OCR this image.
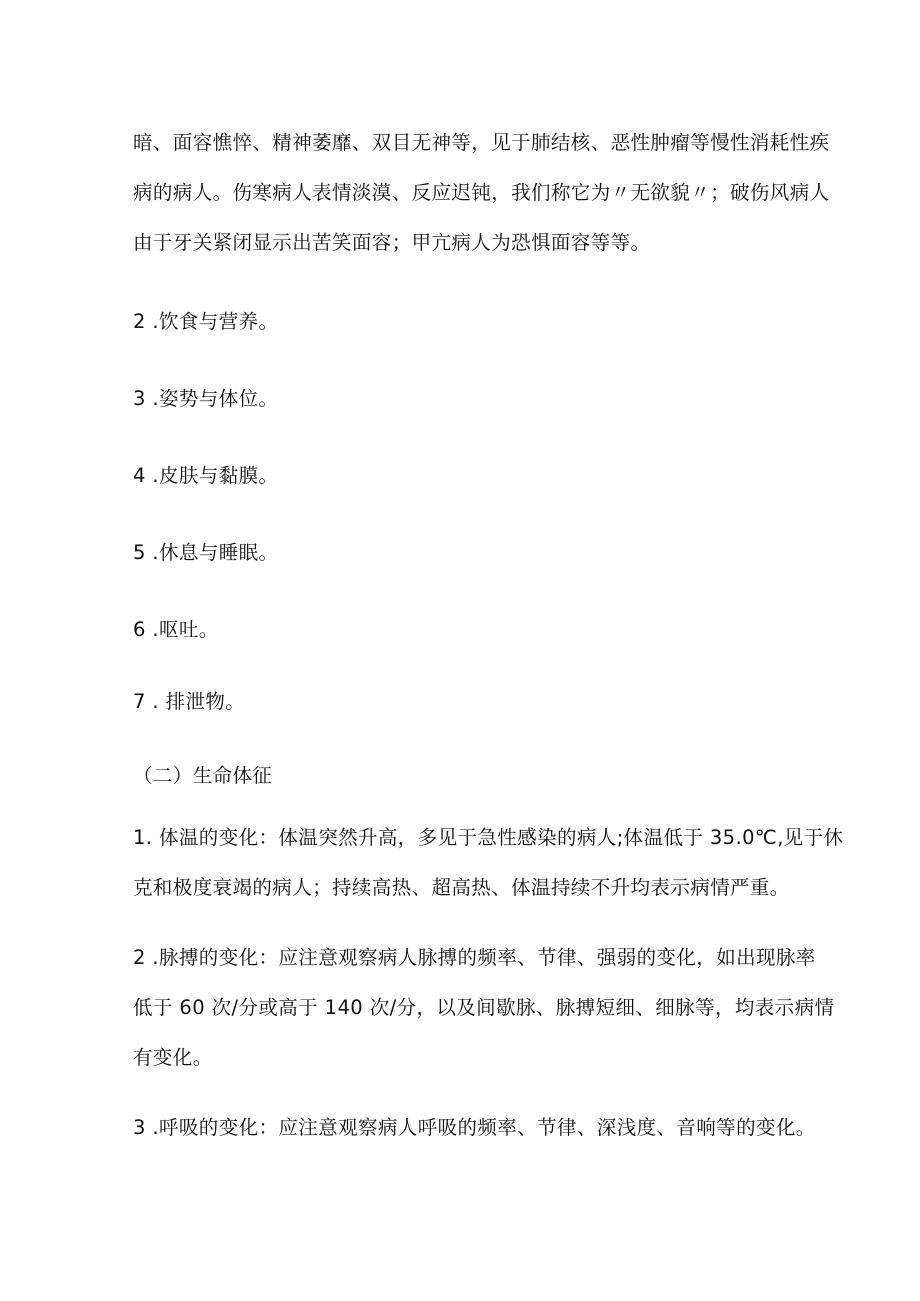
暗、面容憔悴、精神萎靡、双目无神等，见于肺结核、恶性肿瘤等慢性消耗性疾
病的病人。伤寒病人表情淡漠、反应迟钝，我们称它为〃无欲貌〃；破伤风病人
由于牙关紧闭显示出苦笑面容；甲亢病人为恐惧面容等等。
2 .饮食与营养。
3 .姿势与体位。
4 .皮肤与黏膜。
5 .休息与睡眠。
6 .呕吐。
7 . 排泄物。
（二）生命体征
1. 体温的变化：体温突然升高，多见于急性感染的病人;体温低于 35.0℃,见于休
克和极度衰竭的病人；持续高热、超高热、体温持续不升均表示病情严重。
2 .脉搏的变化：应注意观察病人脉搏的频率、节律、强弱的变化，如出现脉率
低于 60 次/分或高于 140 次/分，以及间歇脉、脉搏短细、细脉等，均表示病情
有变化。
3 .呼吸的变化：应注意观察病人呼吸的频率、节律、深浅度、音响等的变化。
